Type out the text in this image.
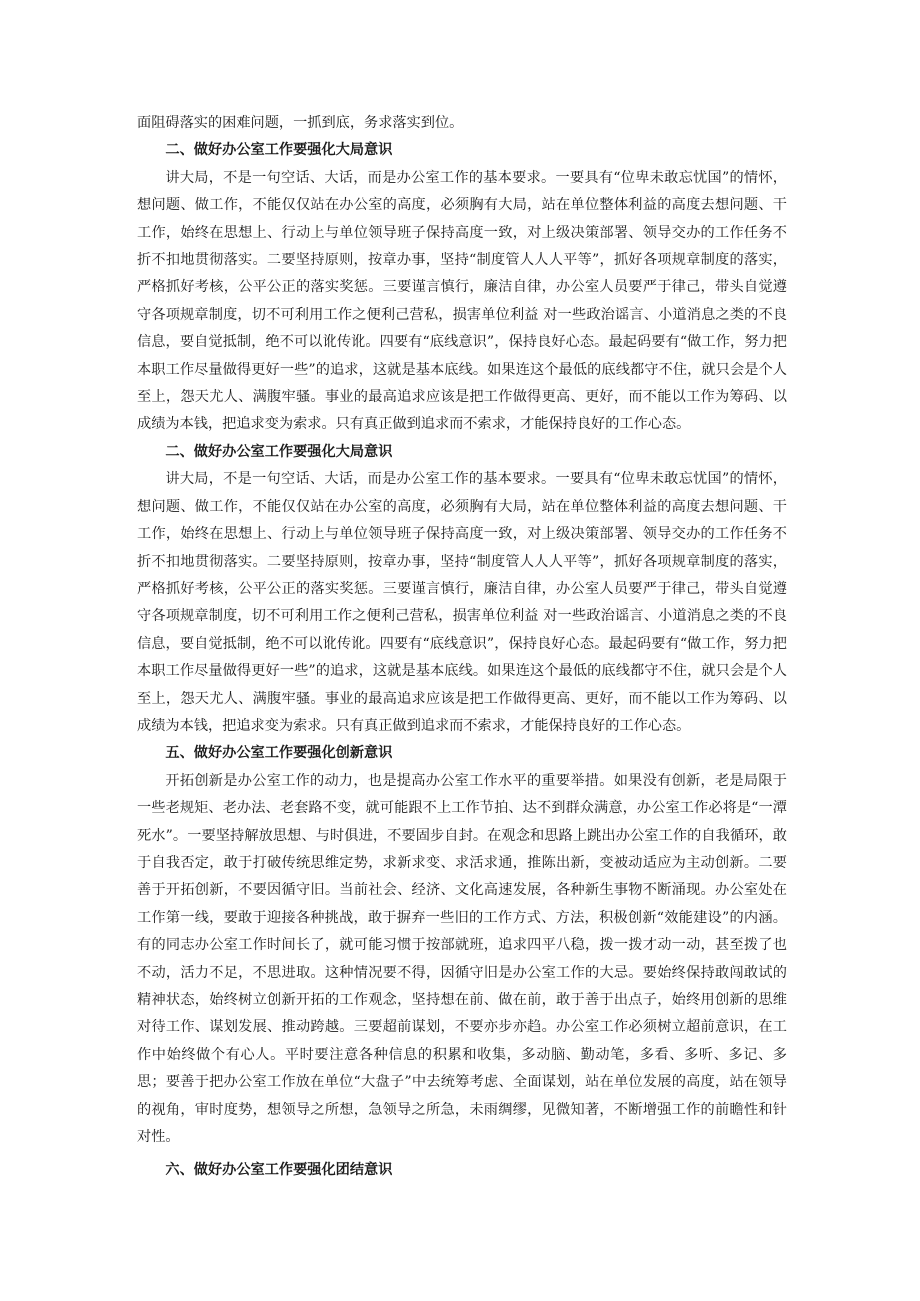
面阻碍落实的困难问题，一抓到底，务求落实到位。

二、做好办公室工作要强化大局意识

讲大局，不是一句空话、大话，而是办公室工作的基本要求。一要具有“位卑未敢忘忧国”的情怀，想问题、做工作，不能仅仅站在办公室的高度，必须胸有大局，站在单位整体利益的高度去想问题、干工作，始终在思想上、行动上与单位领导班子保持高度一致，对上级决策部署、领导交办的工作任务不折不扣地贯彻落实。二要坚持原则，按章办事，坚持“制度管人人人平等”，抓好各项规章制度的落实，严格抓好考核，公平公正的落实奖惩。三要谨言慎行，廉洁自律，办公室人员要严于律己，带头自觉遵守各项规章制度，切不可利用工作之便利己营私，损害单位利益 对一些政治谣言、小道消息之类的不良信息，要自觉抵制，绝不可以讹传讹。四要有“底线意识”，保持良好心态。最起码要有“做工作，努力把本职工作尽量做得更好一些”的追求，这就是基本底线。如果连这个最低的底线都守不住，就只会是个人至上，怨天尤人、满腹牢骚。事业的最高追求应该是把工作做得更高、更好，而不能以工作为筹码、以成绩为本钱，把追求变为索求。只有真正做到追求而不索求，才能保持良好的工作心态。

二、做好办公室工作要强化大局意识

讲大局，不是一句空话、大话，而是办公室工作的基本要求。一要具有“位卑未敢忘忧国”的情怀，想问题、做工作，不能仅仅站在办公室的高度，必须胸有大局，站在单位整体利益的高度去想问题、干工作，始终在思想上、行动上与单位领导班子保持高度一致，对上级决策部署、领导交办的工作任务不折不扣地贯彻落实。二要坚持原则，按章办事，坚持“制度管人人人平等”，抓好各项规章制度的落实，严格抓好考核，公平公正的落实奖惩。三要谨言慎行，廉洁自律，办公室人员要严于律己，带头自觉遵守各项规章制度，切不可利用工作之便利己营私，损害单位利益 对一些政治谣言、小道消息之类的不良信息，要自觉抵制，绝不可以讹传讹。四要有“底线意识”，保持良好心态。最起码要有“做工作，努力把本职工作尽量做得更好一些”的追求，这就是基本底线。如果连这个最低的底线都守不住，就只会是个人至上，怨天尤人、满腹牢骚。事业的最高追求应该是把工作做得更高、更好，而不能以工作为筹码、以成绩为本钱，把追求变为索求。只有真正做到追求而不索求，才能保持良好的工作心态。

五、做好办公室工作要强化创新意识

开拓创新是办公室工作的动力，也是提高办公室工作水平的重要举措。如果没有创新，老是局限于一些老规矩、老办法、老套路不变，就可能跟不上工作节拍、达不到群众满意，办公室工作必将是“一潭死水”。一要坚持解放思想、与时俱进，不要固步自封。在观念和思路上跳出办公室工作的自我循环，敢于自我否定，敢于打破传统思维定势，求新求变、求活求通，推陈出新，变被动适应为主动创新。二要善于开拓创新，不要因循守旧。当前社会、经济、文化高速发展，各种新生事物不断涌现。办公室处在工作第一线，要敢于迎接各种挑战，敢于摒弃一些旧的工作方式、方法，积极创新“效能建设”的内涵。有的同志办公室工作时间长了，就可能习惯于按部就班，追求四平八稳，拨一拨才动一动，甚至拨了也不动，活力不足，不思进取。这种情况要不得，因循守旧是办公室工作的大忌。要始终保持敢闯敢试的精神状态，始终树立创新开拓的工作观念，坚持想在前、做在前，敢于善于出点子，始终用创新的思维对待工作、谋划发展、推动跨越。三要超前谋划，不要亦步亦趋。办公室工作必须树立超前意识，在工作中始终做个有心人。平时要注意各种信息的积累和收集，多动脑、勤动笔，多看、多听、多记、多思；要善于把办公室工作放在单位“大盘子”中去统筹考虑、全面谋划，站在单位发展的高度，站在领导的视角，审时度势，想领导之所想，急领导之所急，未雨绸缪，见微知著，不断增强工作的前瞻性和针对性。

六、做好办公室工作要强化团结意识
